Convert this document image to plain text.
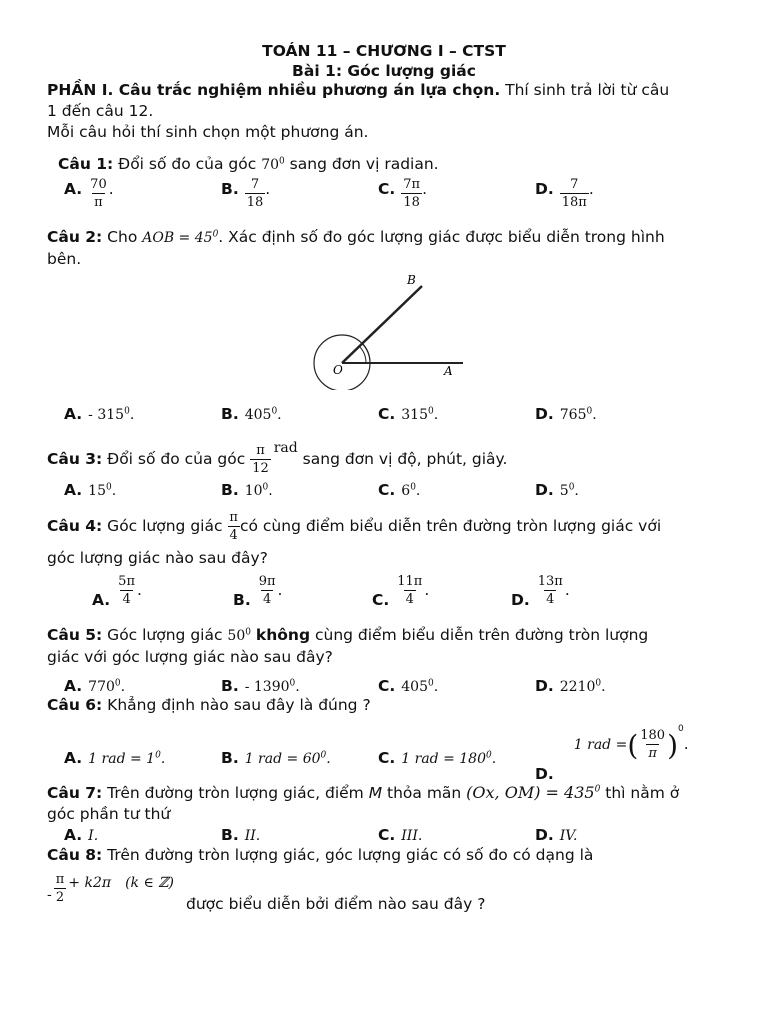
TOÁN 11 – CHƯƠNG I – CTST
Bài 1: Góc lượng giác
PHẦN I. Câu trắc nghiệm nhiều phương án lựa chọn. Thí sinh trả lời từ câu
1 đến câu 12.
Mỗi câu hỏi thí sinh chọn một phương án.
Câu 1: Đổi số đo của góc $70^0$ sang đơn vị radian.
A. $\frac{70}{\pi}$ .	B. $\frac{7}{18}$ .	C. $\frac{7\pi}{18}$ .	D. $\frac{7}{18\pi}$ .
Câu 2: Cho AOB = $45^0$. Xác định số đo góc lượng giác được biểu diễn trong hình
bên.
B
O	A
A. - $315^0$.	B. $405^0$.	C. $315^0$.	D. $765^0$.
Câu 3: Đổi số đo của góc $\frac{\pi}{12}$ rad sang đơn vị độ, phút, giây.
A. $15^0$.	B. $10^0$.	C. $6^0$.	D. $5^0$.
Câu 4: Góc lượng giác $\frac{\pi}{4}$ có cùng điểm biểu diễn trên đường tròn lượng giác với
góc lượng giác nào sau đây?
A. $\frac{5\pi}{4}$ .
B. $\frac{9\pi}{4}$ .
C. $\frac{11\pi}{4}$ .
D. $\frac{13\pi}{4}$ .
Câu 5: Góc lượng giác $50^0$ không cùng điểm biểu diễn trên đường tròn lượng
giác với góc lượng giác nào sau đây?
A. $770^0$.	B. - 1390$^0$.	C. $405^0$.	D. 2210$^0$.
Câu 6: Khẳng định nào sau đây là đúng ?
A. 1 rad = $1^0$.	B. 1 rad = $60^0$.	C. 1 rad = $180^0$.
D.1 rad =( $\frac{180}{\pi} )^0$.
Câu 7: Trên đường tròn lượng giác, điểm M thỏa mãn (Ox, $OM) = 435^0$ thì nằm ở
góc phần tư thứ
A. I.	B. II.	C. III.	D. IV.
Câu 8: Trên đường tròn lượng giác, góc lượng giác có số đo có dạng là
- $\frac{\pi}{2} + k2\pi$ (k ∈ ℤ)
được biểu diễn bởi điểm nào sau đây ?
